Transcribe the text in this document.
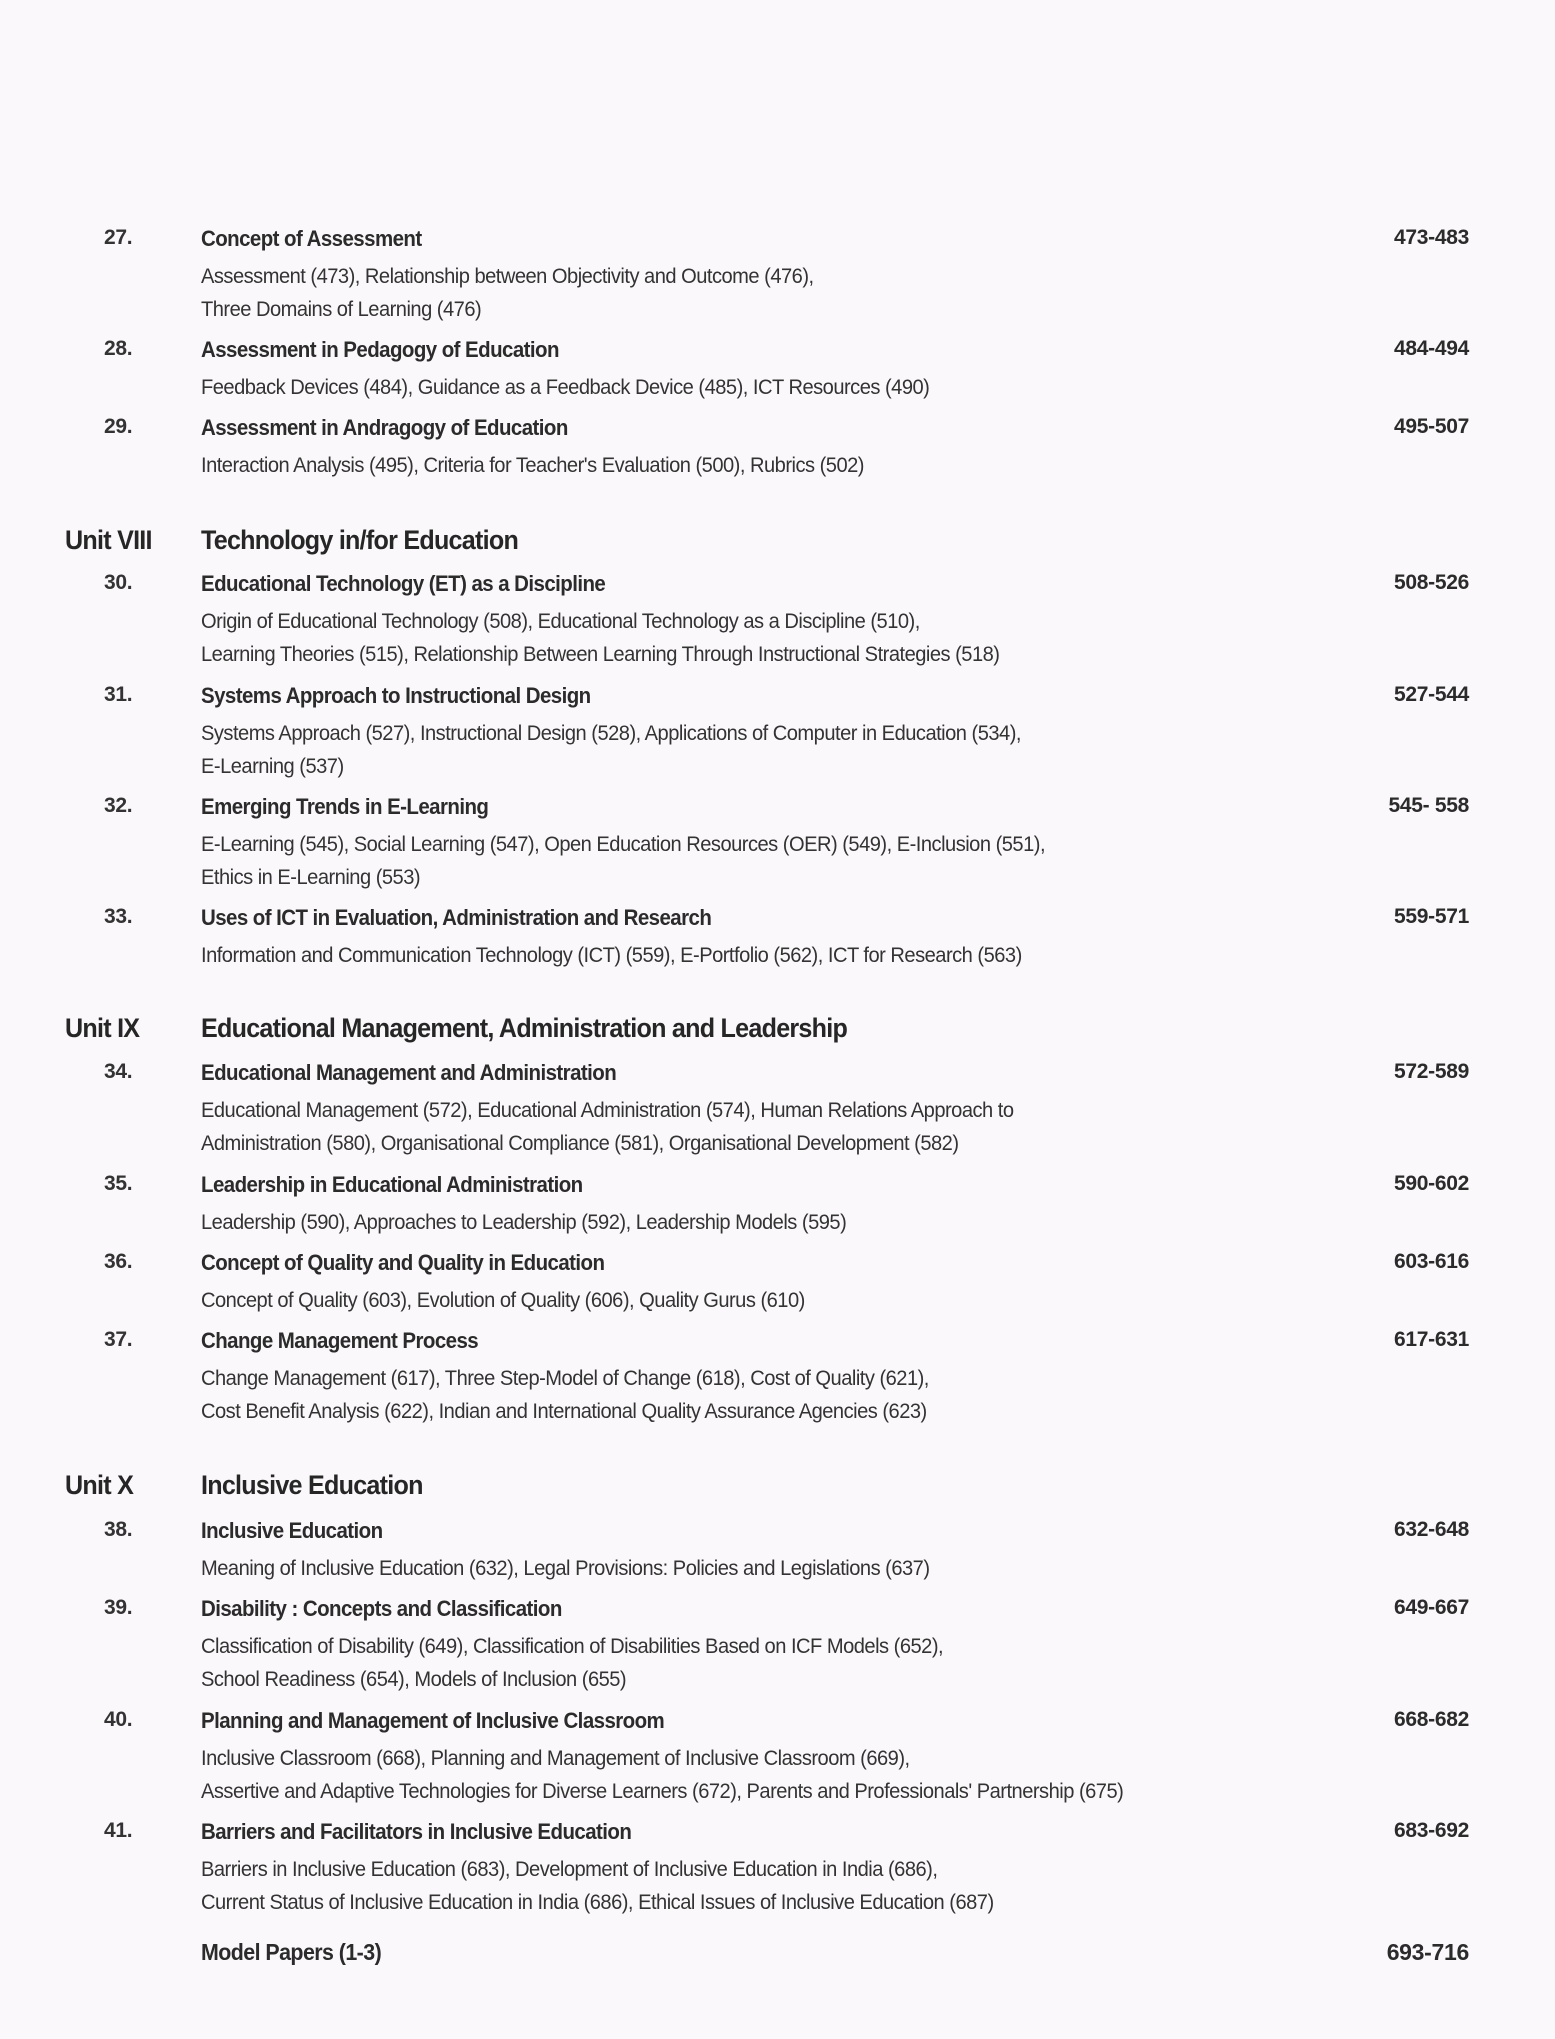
27.	Concept of Assessment	473-483
Assessment (473), Relationship between Objectivity and Outcome (476),
Three Domains of Learning (476)
28.	Assessment in Pedagogy of Education	484-494
Feedback Devices (484), Guidance as a Feedback Device (485), ICT Resources (490)
29.	Assessment in Andragogy of Education	495-507
Interaction Analysis (495), Criteria for Teacher's Evaluation (500), Rubrics (502)
Unit VIII Technology in/for Education
30.	Educational Technology (ET) as a Discipline	508-526
Origin of Educational Technology (508), Educational Technology as a Discipline (510),
Learning Theories (515), Relationship Between Learning Through Instructional Strategies (518)
31.	Systems Approach to Instructional Design	527-544
Systems Approach (527), Instructional Design (528), Applications of Computer in Education (534),
E-Learning (537)
32.	Emerging Trends in E-Learning	545- 558
E-Learning (545), Social Learning (547), Open Education Resources (OER) (549), E-Inclusion (551),
Ethics in E-Learning (553)
33.	Uses of ICT in Evaluation, Administration and Research	559-571
Information and Communication Technology (ICT) (559), E-Portfolio (562), ICT for Research (563)
Unit IX Educational Management, Administration and Leadership
34.	Educational Management and Administration	572-589
Educational Management (572), Educational Administration (574), Human Relations Approach to
Administration (580), Organisational Compliance (581), Organisational Development (582)
35.	Leadership in Educational Administration	590-602
Leadership (590), Approaches to Leadership (592), Leadership Models (595)
36.	Concept of Quality and Quality in Education	603-616
Concept of Quality (603), Evolution of Quality (606), Quality Gurus (610)
37.	Change Management Process	617-631
Change Management (617), Three Step-Model of Change (618), Cost of Quality (621),
Cost Benefit Analysis (622), Indian and International Quality Assurance Agencies (623)
Unit X	Inclusive Education
38.	Inclusive Education	632-648
Meaning of Inclusive Education (632), Legal Provisions: Policies and Legislations (637)
39.	Disability : Concepts and Classification	649-667
Classification of Disability (649), Classification of Disabilities Based on ICF Models (652),
School Readiness (654), Models of Inclusion (655)
40.	Planning and Management of Inclusive Classroom	668-682
Inclusive Classroom (668), Planning and Management of Inclusive Classroom (669),
Assertive and Adaptive Technologies for Diverse Learners (672), Parents and Professionals' Partnership (675)
41.	Barriers and Facilitators in Inclusive Education	683-692
Barriers in Inclusive Education (683), Development of Inclusive Education in India (686),
Current Status of Inclusive Education in India (686), Ethical Issues of Inclusive Education (687)
Model Papers (1-3)	693-716
